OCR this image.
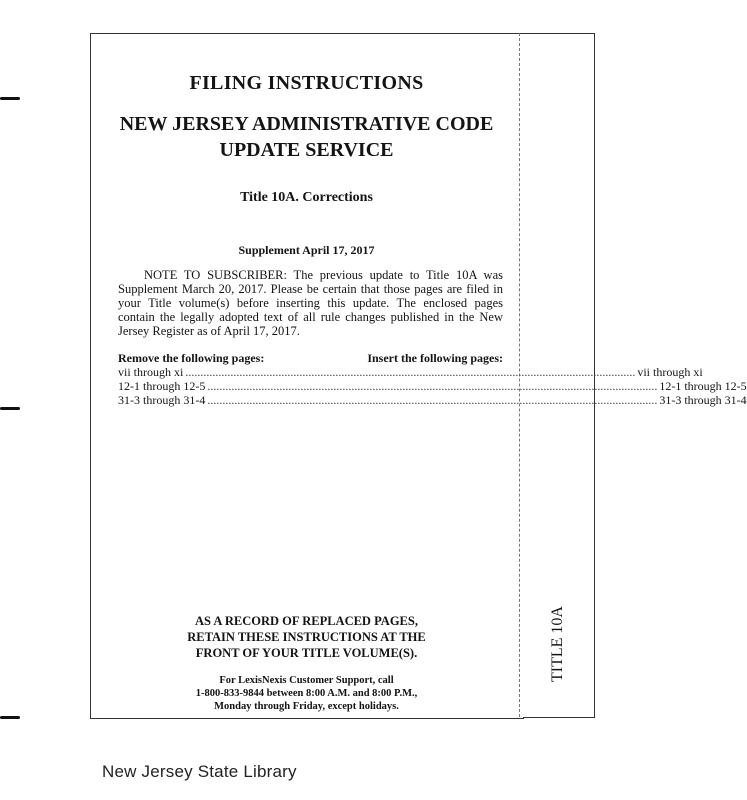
FILING INSTRUCTIONS
NEW JERSEY ADMINISTRATIVE CODE
UPDATE SERVICE
Title 10A. Corrections
Supplement April 17, 2017

NOTE TO SUBSCRIBER: The previous update to Title 10A was Supplement March 20, 2017. Please be certain that those pages are filed in your Title volume(s) before inserting this update. The enclosed pages contain the legally adopted text of all rule changes published in the New Jersey Register as of April 17, 2017.

Remove the following pages:	Insert the following pages:
vii through xi ...................................................................................................................................................... vii through xi
12-1 through 12-5 ...................................................................................................................................................... 12-1 through 12-5
31-3 through 31-4 ...................................................................................................................................................... 31-3 through 31-4
AS A RECORD OF REPLACED PAGES,
RETAIN THESE INSTRUCTIONS AT THE
FRONT OF YOUR TITLE VOLUME(S).
For LexisNexis Customer Support, call
1-800-833-9844 between 8:00 A.M. and 8:00 P.M.,
Monday through Friday, except holidays.
TITLE 10A
New Jersey State Library
